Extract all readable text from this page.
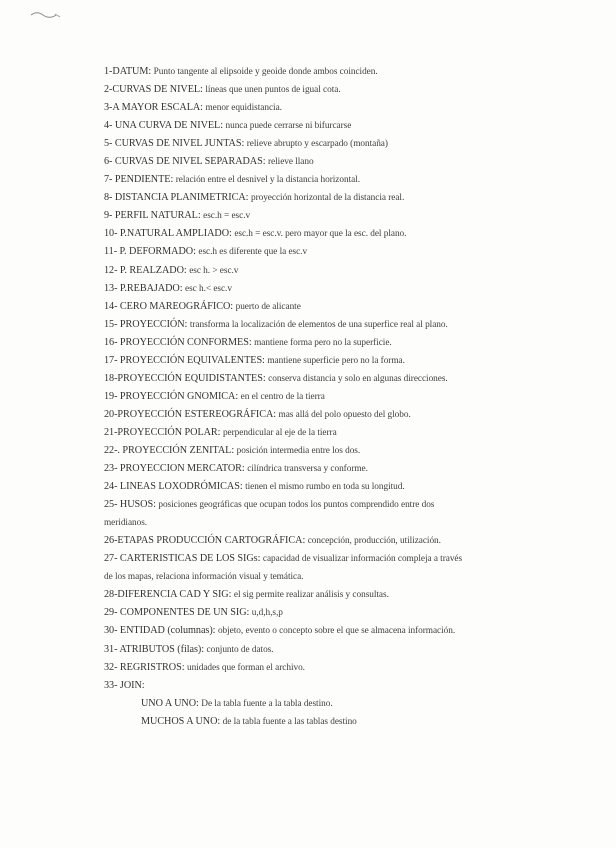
1-DATUM: Punto tangente al elipsoide y geoide donde ambos coinciden.
2-CURVAS DE NIVEL: líneas que unen puntos de igual cota.
3-A MAYOR ESCALA: menor equidistancia.
4- UNA CURVA DE NIVEL: nunca puede cerrarse ni bifurcarse
5- CURVAS DE NIVEL JUNTAS: relieve abrupto y escarpado (montaña)
6- CURVAS DE NIVEL SEPARADAS: relieve llano
7- PENDIENTE: relación entre el desnivel y la distancia horizontal.
8- DISTANCIA PLANIMETRICA: proyección horizontal de la distancia real.
9- PERFIL NATURAL: esc.h = esc.v
10- P.NATURAL AMPLIADO: esc.h = esc.v. pero mayor que la esc. del plano.
11- P. DEFORMADO: esc.h es diferente que la esc.v
12- P. REALZADO: esc h. > esc.v
13- P.REBAJADO: esc h.< esc.v
14- CERO MAREOGRÁFICO: puerto de alicante
15- PROYECCIÓN: transforma la localización de elementos de una superfice real al plano.
16- PROYECCIÓN CONFORMES: mantiene forma pero no la superficie.
17- PROYECCIÓN EQUIVALENTES: mantiene superficie pero no la forma.
18-PROYECCIÓN EQUIDISTANTES: conserva distancia y solo en algunas direcciones.
19- PROYECCIÓN GNOMICA: en el centro de la tierra
20-PROYECCIÓN ESTEREOGRÁFICA: mas allá del polo opuesto del globo.
21-PROYECCIÓN POLAR: perpendicular al eje de la tierra
22-. PROYECCIÓN ZENITAL: posición intermedia entre los dos.
23- PROYECCION MERCATOR: cilíndrica transversa y conforme.
24- LINEAS LOXODRÓMICAS: tienen el mismo rumbo en toda su longitud.
25- HUSOS: posiciones geográficas que ocupan todos los puntos comprendido entre dos
meridianos.
26-ETAPAS PRODUCCIÓN CARTOGRÁFICA: concepción, producción, utilización.
27- CARTERISTICAS DE LOS SIGs: capacidad de visualizar información compleja a través
de los mapas, relaciona información visual y temática.
28-DIFERENCIA CAD Y SIG: el sig permite realizar análisis y consultas.
29- COMPONENTES DE UN SIG: u,d,h,s,p
30- ENTIDAD (columnas): objeto, evento o concepto sobre el que se almacena información.
31- ATRIBUTOS (filas): conjunto de datos.
32- REGRISTROS: unidades que forman el archivo.
33- JOIN:
UNO A UNO: De la tabla fuente a la tabla destino.
MUCHOS A UNO: de la tabla fuente a las tablas destino
